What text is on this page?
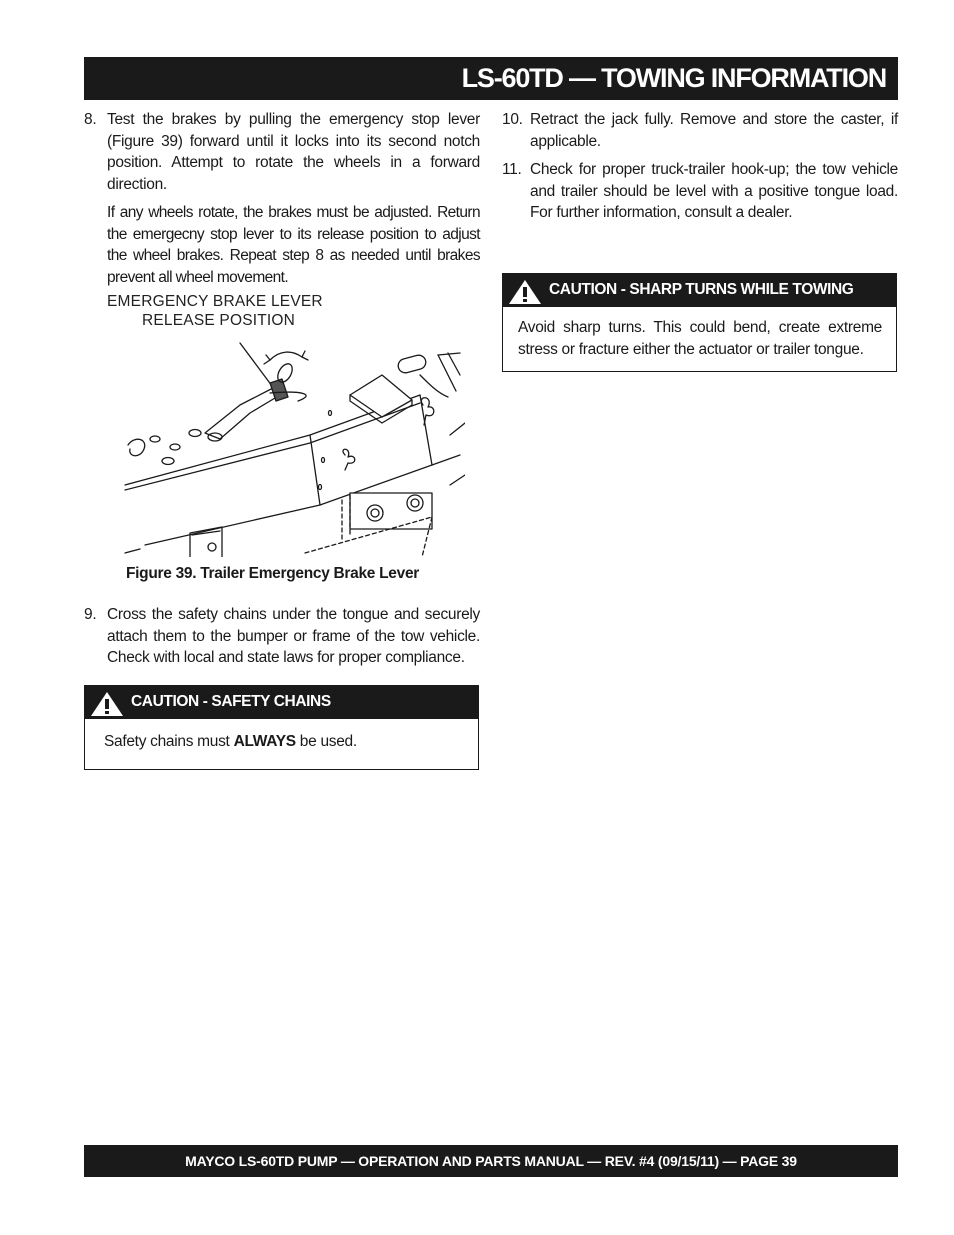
LS-60TD — TOWING INFORMATION
8. Test the brakes by pulling the emergency stop lever (Figure 39) forward until it locks into its second notch position. Attempt to rotate the wheels in a forward direction.
If any wheels rotate, the brakes must be adjusted. Return the emergecny stop lever to its release position to adjust the wheel brakes. Repeat step 8 as needed until brakes prevent all wheel movement.
EMERGENCY BRAKE LEVER
RELEASE POSITION
Figure 39. Trailer Emergency Brake Lever
9. Cross the safety chains under the tongue and securely attach them to the bumper or frame of the tow vehicle. Check with local and state laws for proper compliance.
CAUTION - SAFETY CHAINS
Safety chains must ALWAYS be used.
10. Retract the jack fully. Remove and store the caster, if applicable.
11. Check for proper truck-trailer hook-up; the tow vehicle and trailer should be level with a positive tongue load. For further information, consult a dealer.
CAUTION - SHARP TURNS WHILE TOWING
Avoid sharp turns. This could bend, create extreme stress or fracture either the actuator or trailer tongue.
MAYCO LS-60TD PUMP — OPERATION AND PARTS MANUAL — REV. #4 (09/15/11) — PAGE 39
